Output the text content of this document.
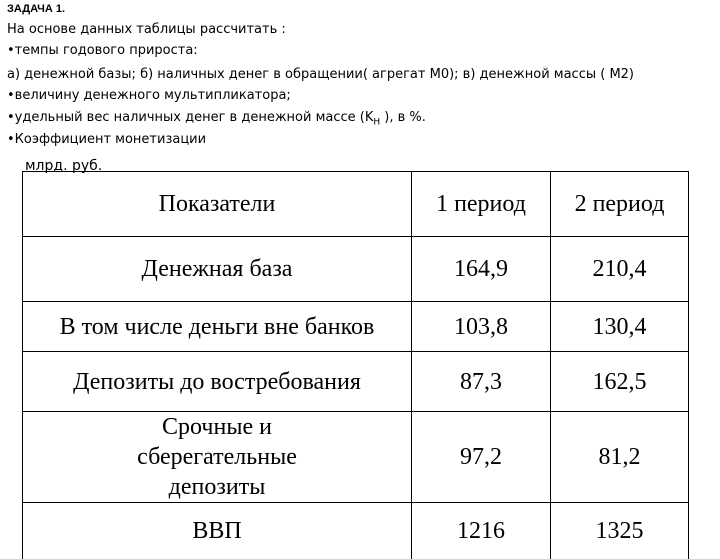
ЗАДАЧА 1.
На основе данных таблицы рассчитать :
•темпы годового прироста:
а) денежной базы; б) наличных денег в обращении( агрегат М0); в) денежной массы ( М2)
•величину денежного мультипликатора;
•удельный вес наличных денег в денежной массе ($K_Н$ ), в %.
•Коэффициент монетизации
млрд. руб.
Показатели	1 период	2 период
Денежная база	164,9	210,4
В том числе деньги вне банков	103,8	130,4
Депозиты до востребования	87,3	162,5
Срочные и сберегательные депозиты	97,2	81,2
ВВП	1216	1325
